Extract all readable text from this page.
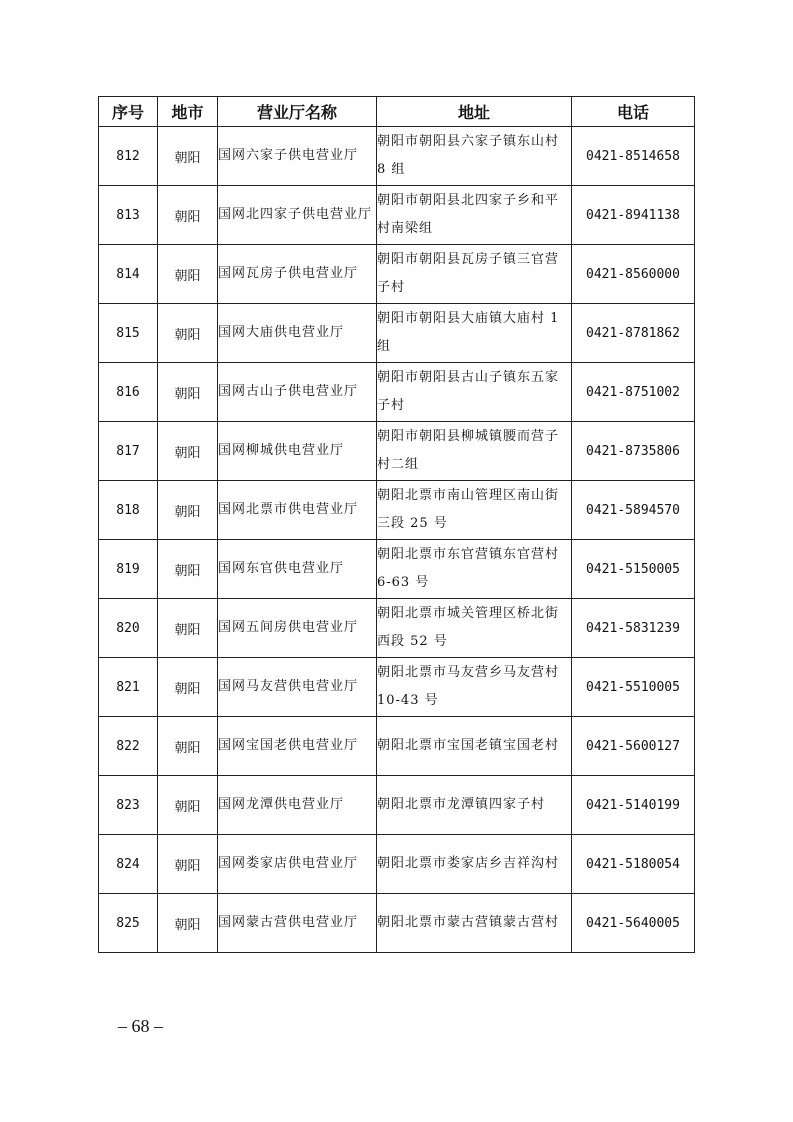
序号	地市	营业厅名称	地址	电话
812	朝阳	国网六家子供电营业厅	朝阳市朝阳县六家子镇东山村 8 组	0421-8514658
813	朝阳	国网北四家子供电营业厅	朝阳市朝阳县北四家子乡和平村南梁组	0421-8941138
814	朝阳	国网瓦房子供电营业厅	朝阳市朝阳县瓦房子镇三官营子村	0421-8560000
815	朝阳	国网大庙供电营业厅	朝阳市朝阳县大庙镇大庙村 1 组	0421-8781862
816	朝阳	国网古山子供电营业厅	朝阳市朝阳县古山子镇东五家子村	0421-8751002
817	朝阳	国网柳城供电营业厅	朝阳市朝阳县柳城镇腰而营子村二组	0421-8735806
818	朝阳	国网北票市供电营业厅	朝阳北票市南山管理区南山街三段 25 号	0421-5894570
819	朝阳	国网东官供电营业厅	朝阳北票市东官营镇东官营村 6-63 号	0421-5150005
820	朝阳	国网五间房供电营业厅	朝阳北票市城关管理区桥北街西段 52 号	0421-5831239
821	朝阳	国网马友营供电营业厅	朝阳北票市马友营乡马友营村 10-43 号	0421-5510005
822	朝阳	国网宝国老供电营业厅	朝阳北票市宝国老镇宝国老村	0421-5600127
823	朝阳	国网龙潭供电营业厅	朝阳北票市龙潭镇四家子村	0421-5140199
824	朝阳	国网娄家店供电营业厅	朝阳北票市娄家店乡吉祥沟村	0421-5180054
825	朝阳	国网蒙古营供电营业厅	朝阳北票市蒙古营镇蒙古营村	0421-5640005
– 68 –
